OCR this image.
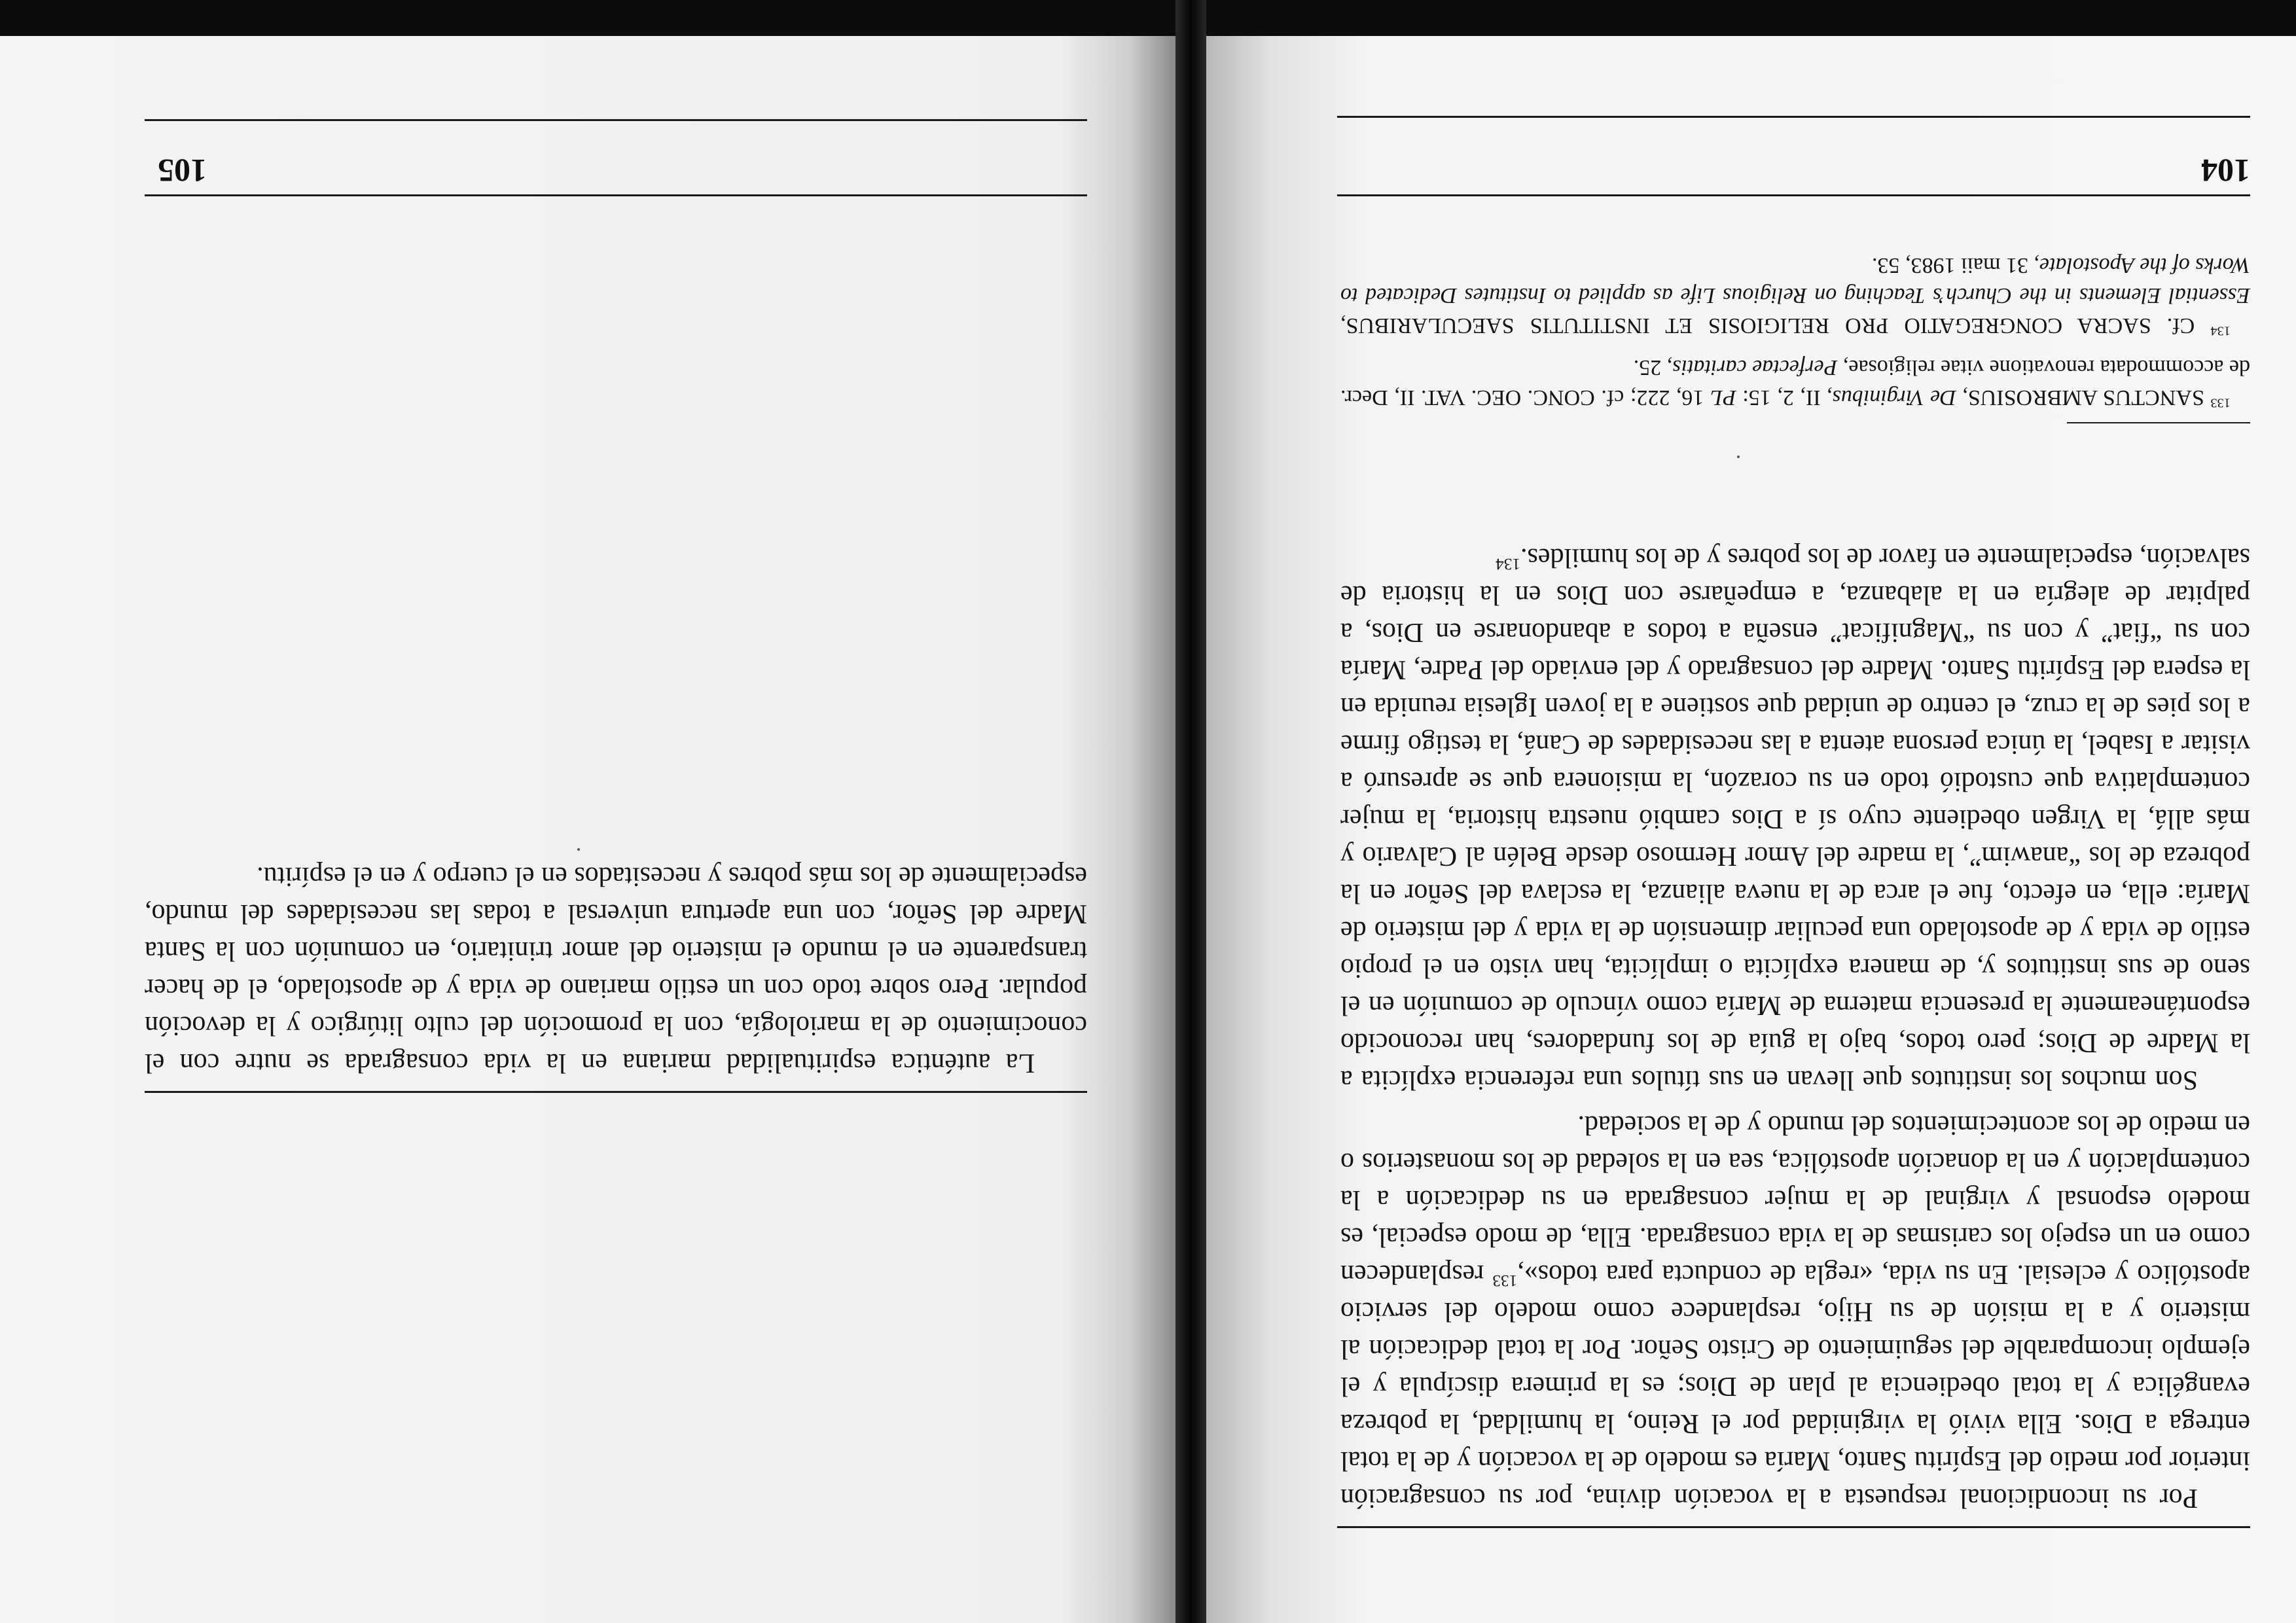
Por su incondicional respuesta a la vocación divina, por su consagración interior por medio del Espíritu Santo, María es modelo de la vocación y de la total entrega a Dios. Ella vivió la virginidad por el Reino, la humildad, la pobreza evangélica y la total obediencia al plan de Dios; es la primera discípula y el ejemplo incomparable del seguimiento de Cristo Señor. Por la total dedicación al misterio y a la misión de su Hijo, resplandece como modelo del servicio apostólico y eclesial. En su vida, «regla de conducta para todos»,$^{133}$ resplandecen como en un espejo los carismas de la vida consagrada. Ella, de modo especial, es modelo esponsal y virginal de la mujer consagrada en su dedicación a la contemplación y en la donación apostólica, sea en la soledad de los monasterios o en medio de los acontecimientos del mundo y de la sociedad.

Son muchos los institutos que llevan en sus títulos una referencia explícita a la Madre de Dios; pero todos, bajo la guía de los fundadores, han reconocido espontáneamente la presencia materna de María como vínculo de comunión en el seno de sus institutos y, de manera explícita o implícita, han visto en el propio estilo de vida y de apostolado una peculiar dimensión de la vida y del misterio de María: ella, en efecto, fue el arca de la nueva alianza, la esclava del Señor en la pobreza de los “anawim”, la madre del Amor Hermoso desde Belén al Calvario y más allá, la Virgen obediente cuyo sí a Dios cambió nuestra historia, la mujer contemplativa que custodió todo en su corazón, la misionera que se apresuró a visitar a Isabel, la única persona atenta a las necesidades de Caná, la testigo firme a los pies de la cruz, el centro de unidad que sostiene a la joven Iglesia reunida en la espera del Espíritu Santo. Madre del consagrado y del enviado del Padre, María con su “fiat” y con su “Magnificat” enseña a todos a abandonarse en Dios, a palpitar de alegría en la alabanza, a empeñarse con Dios en la historia de salvación, especialmente en favor de los pobres y de los humildes.$^{134}$

$^{133}$ SANCTUS AMBROSIUS, De Virginibus, II, 2, 15: PL 16, 222; cf. CONC. OEC. VAT. II, Decr. de accommodata renovatione vitae religiosae, Perfectae caritatis, 25.

$^{134}$ Cf. SACRA CONGREGATIO PRO RELIGIOSIS ET INSTITUTIS SAECULARIBUS, Essential Elements in the Church’s Teaching on Religious Life as applied to Institutes Dedicated to Works of the Apostolate, 31 maii 1983, 53.

104

La auténtica espiritualidad mariana en la vida consagrada se nutre con el conocimiento de la mariología, con la promoción del culto litúrgico y la devoción popular. Pero sobre todo con un estilo mariano de vida y de apostolado, el de hacer transparente en el mundo el misterio del amor trinitario, en comunión con la Santa Madre del Señor, con una apertura universal a todas las necesidades del mundo, especialmente de los más pobres y necesitados en el cuerpo y en el espíritu.

105
